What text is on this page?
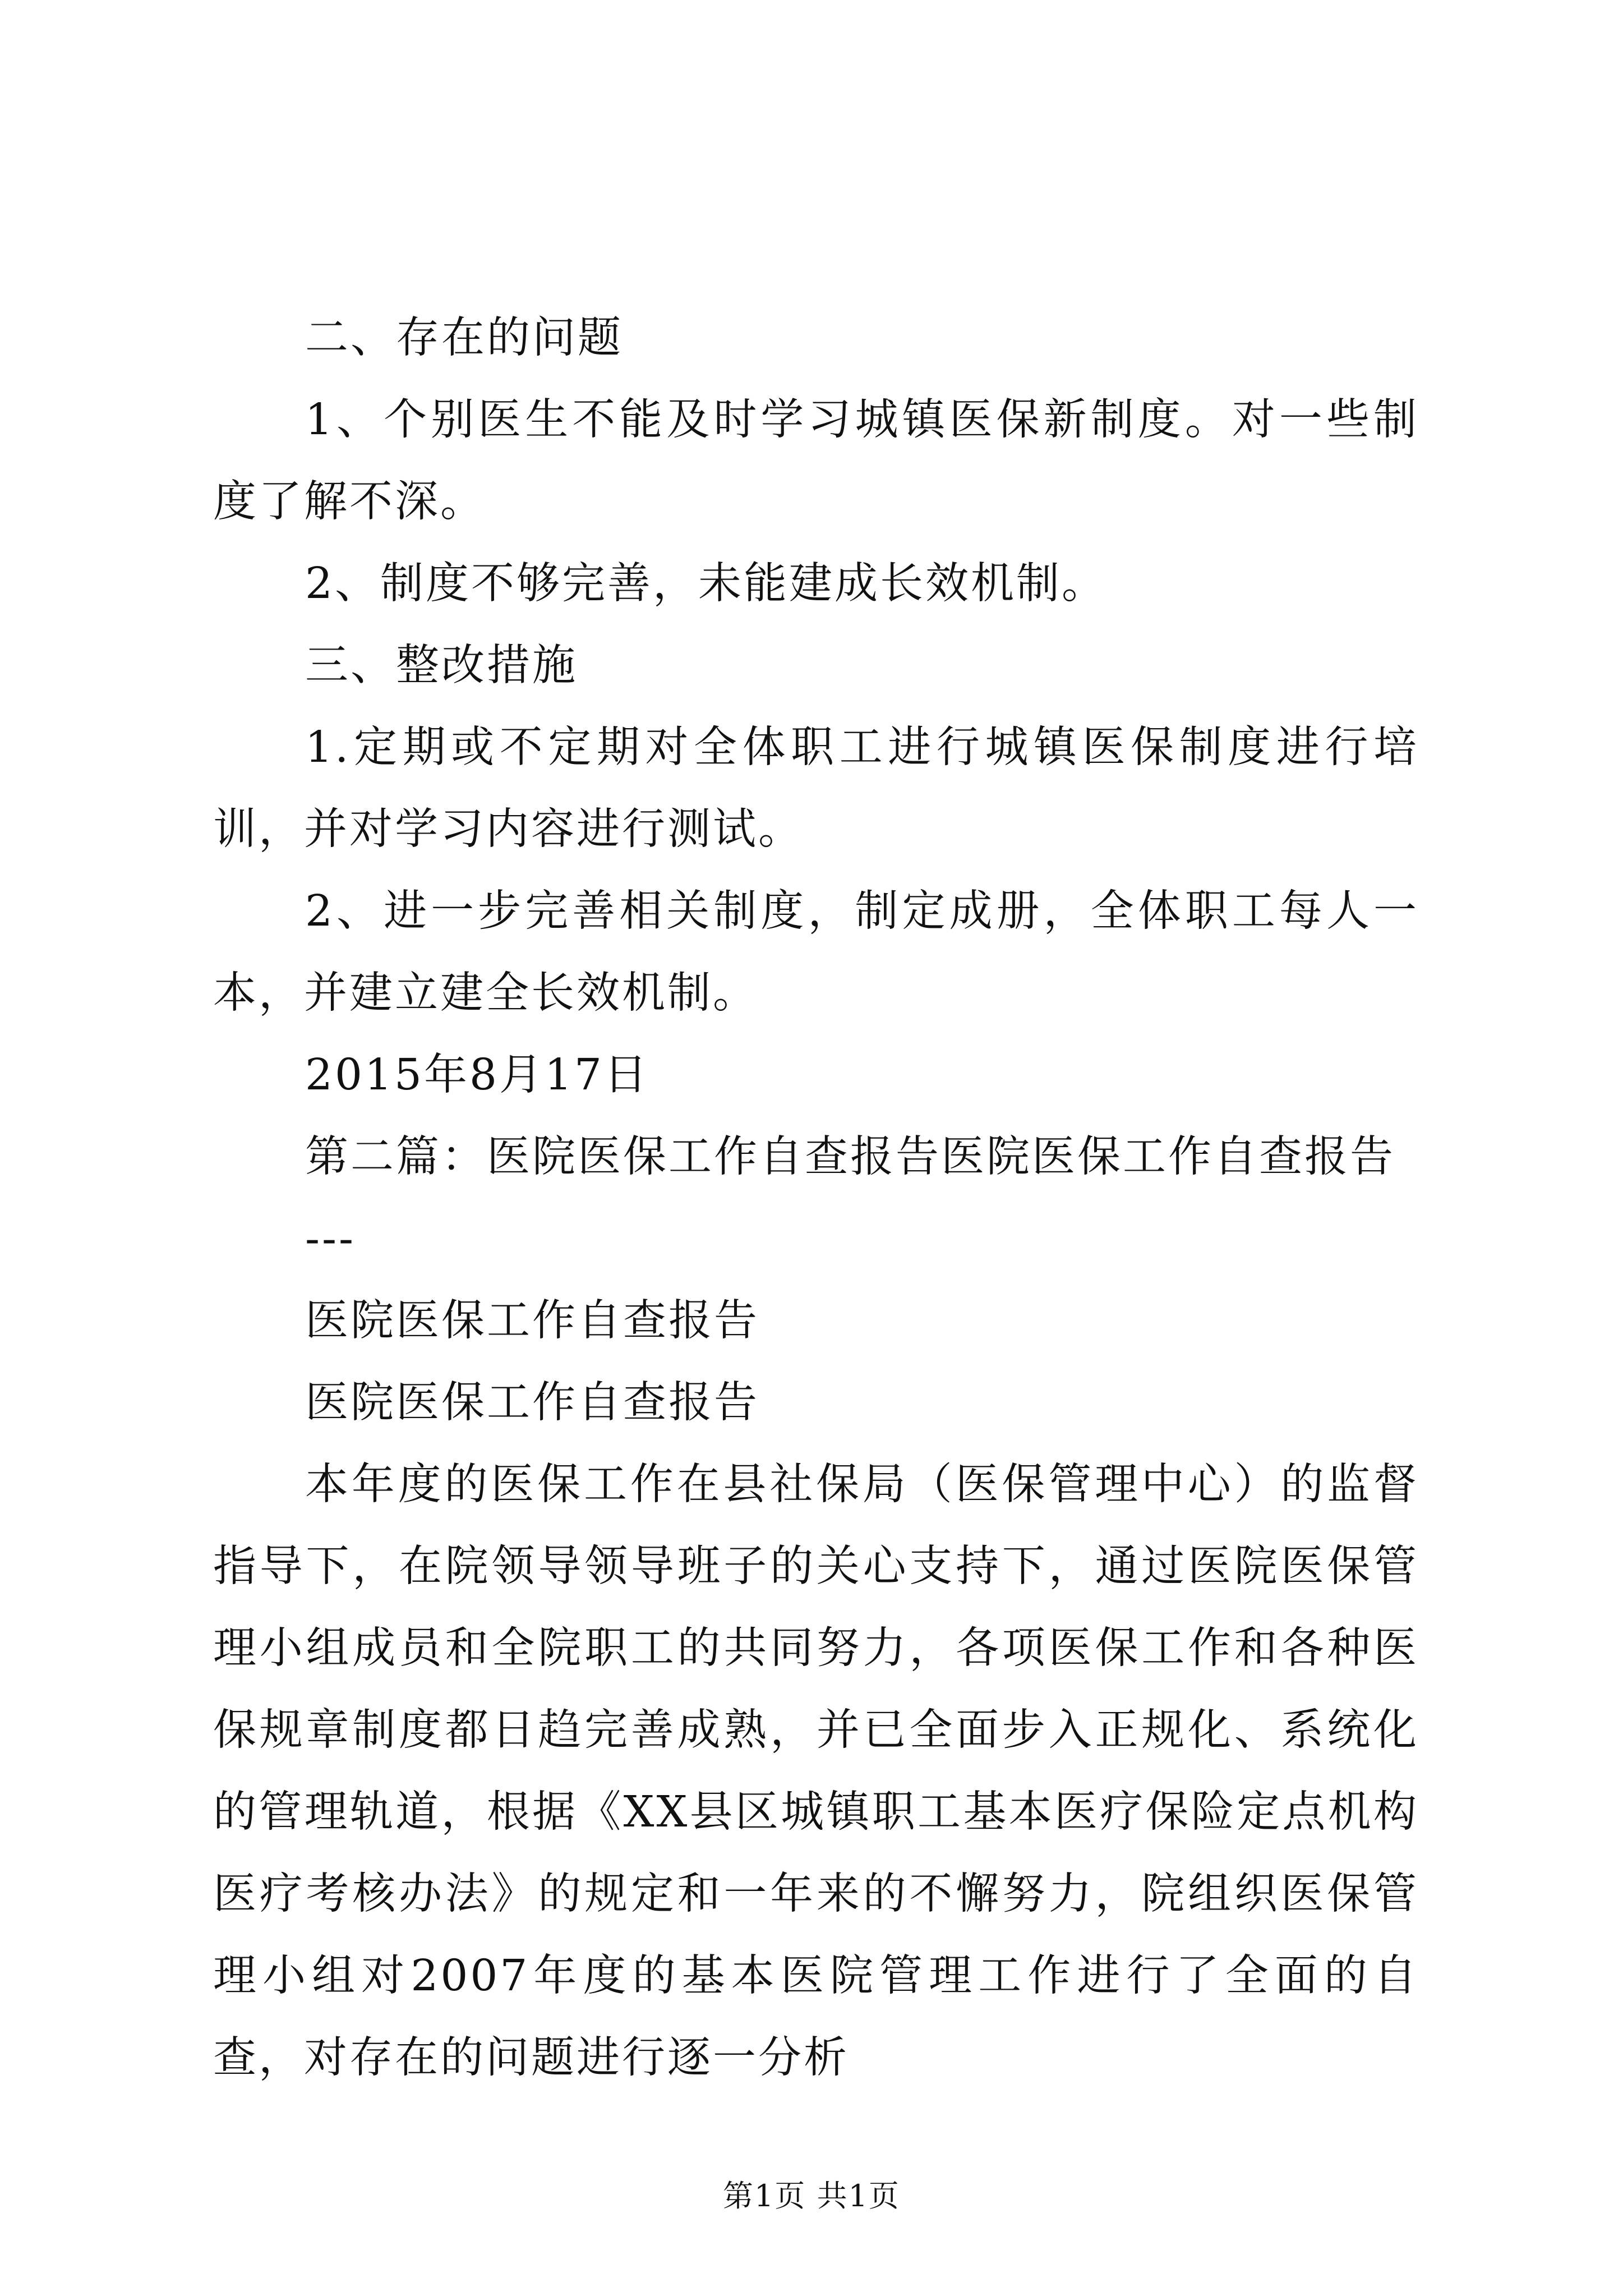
二、存在的问题

1、个别医生不能及时学习城镇医保新制度。对一些制度了解不深。

2、制度不够完善，未能建成长效机制。

三、整改措施

1.定期或不定期对全体职工进行城镇医保制度进行培训，并对学习内容进行测试。

2、进一步完善相关制度，制定成册，全体职工每人一本，并建立建全长效机制。

2015年8月17日

第二篇：医院医保工作自查报告医院医保工作自查报告

---

医院医保工作自查报告

医院医保工作自查报告

本年度的医保工作在县社保局（医保管理中心）的监督指导下，在院领导领导班子的关心支持下，通过医院医保管理小组成员和全院职工的共同努力，各项医保工作和各种医保规章制度都日趋完善成熟，并已全面步入正规化、系统化的管理轨道，根据《XX县区城镇职工基本医疗保险定点机构医疗考核办法》的规定和一年来的不懈努力，院组织医保管理小组对2007年度的基本医院管理工作进行了全面的自查，对存在的问题进行逐一分析

第1页 共1页
